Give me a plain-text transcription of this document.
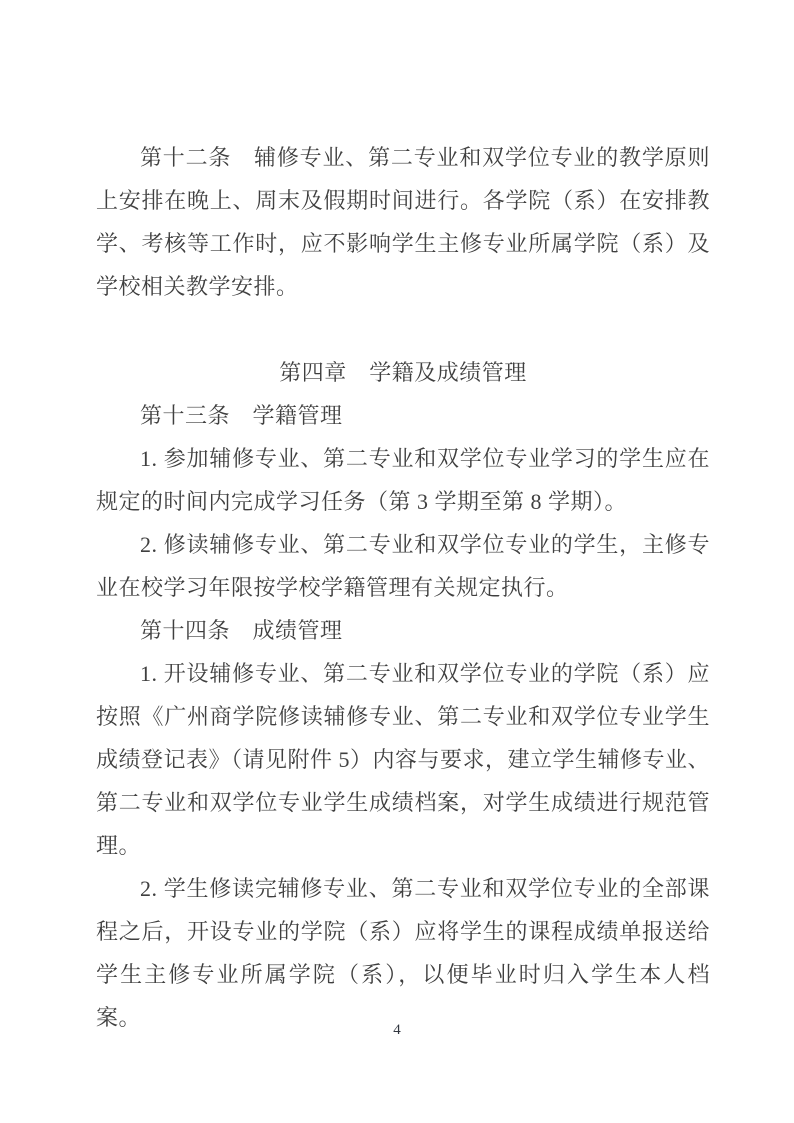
第十二条　辅修专业、第二专业和双学位专业的教学原则上安排在晚上、周末及假期时间进行。各学院（系）在安排教学、考核等工作时，应不影响学生主修专业所属学院（系）及学校相关教学安排。

第四章　学籍及成绩管理

第十三条　学籍管理

1. 参加辅修专业、第二专业和双学位专业学习的学生应在规定的时间内完成学习任务（第 3 学期至第 8 学期）。

2. 修读辅修专业、第二专业和双学位专业的学生，主修专业在校学习年限按学校学籍管理有关规定执行。

第十四条　成绩管理

1. 开设辅修专业、第二专业和双学位专业的学院（系）应按照《广州商学院修读辅修专业、第二专业和双学位专业学生成绩登记表》（请见附件 5）内容与要求，建立学生辅修专业、第二专业和双学位专业学生成绩档案，对学生成绩进行规范管理。

2. 学生修读完辅修专业、第二专业和双学位专业的全部课程之后，开设专业的学院（系）应将学生的课程成绩单报送给学生主修专业所属学院（系），以便毕业时归入学生本人档案。	4
